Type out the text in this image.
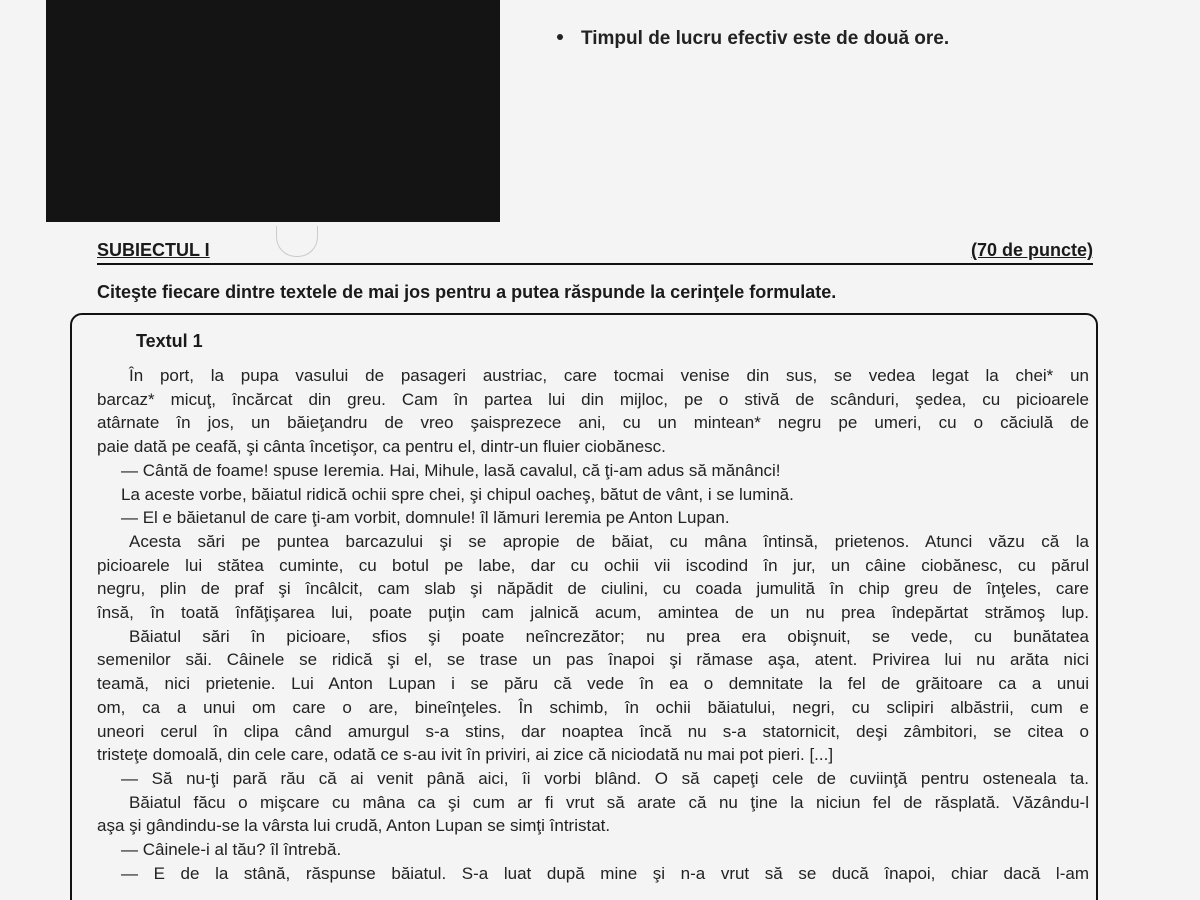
Timpul de lucru efectiv este de două ore.
SUBIECTUL I	(70 de puncte)
Citeşte fiecare dintre textele de mai jos pentru a putea răspunde la cerinţele formulate.
Textul 1
În port, la pupa vasului de pasageri austriac, care tocmai venise din sus, se vedea legat la chei* un
barcaz* micuţ, încărcat din greu. Cam în partea lui din mijloc, pe o stivă de scânduri, şedea, cu picioarele
atârnate în jos, un băieţandru de vreo şaisprezece ani, cu un mintean* negru pe umeri, cu o căciulă de
paie dată pe ceafă, şi cânta încetişor, ca pentru el, dintr-un fluier ciobănesc.
— Cântă de foame! spuse Ieremia. Hai, Mihule, lasă cavalul, că ţi-am adus să mănânci!
La aceste vorbe, băiatul ridică ochii spre chei, şi chipul oacheş, bătut de vânt, i se lumină.
— El e băietanul de care ţi-am vorbit, domnule! îl lămuri Ieremia pe Anton Lupan.
Acesta sări pe puntea barcazului şi se apropie de băiat, cu mâna întinsă, prietenos. Atunci văzu că la
picioarele lui stătea cuminte, cu botul pe labe, dar cu ochii vii iscodind în jur, un câine ciobănesc, cu părul
negru, plin de praf şi încâlcit, cam slab şi năpădit de ciulini, cu coada jumulită în chip greu de înţeles, care
însă, în toată înfăţişarea lui, poate puţin cam jalnică acum, amintea de un nu prea îndepărtat strămoş lup.
Băiatul sări în picioare, sfios şi poate neîncrezător; nu prea era obişnuit, se vede, cu bunătatea
semenilor săi. Câinele se ridică şi el, se trase un pas înapoi şi rămase aşa, atent. Privirea lui nu arăta nici
teamă, nici prietenie. Lui Anton Lupan i se păru că vede în ea o demnitate la fel de grăitoare ca a unui
om, ca a unui om care o are, bineînţeles. În schimb, în ochii băiatului, negri, cu sclipiri albăstrii, cum e
uneori cerul în clipa când amurgul s-a stins, dar noaptea încă nu s-a statornicit, deşi zâmbitori, se citea o
tristeţe domoală, din cele care, odată ce s-au ivit în priviri, ai zice că niciodată nu mai pot pieri. [...]
— Să nu-ţi pară rău că ai venit până aici, îi vorbi blând. O să capeţi cele de cuviinţă pentru osteneala ta.
Băiatul făcu o mişcare cu mâna ca şi cum ar fi vrut să arate că nu ţine la niciun fel de răsplată. Văzându-l
aşa şi gândindu-se la vârsta lui crudă, Anton Lupan se simţi întristat.
— Câinele-i al tău? îl întrebă.
— E de la stână, răspunse băiatul. S-a luat după mine şi n-a vrut să se ducă înapoi, chiar dacă l-am
